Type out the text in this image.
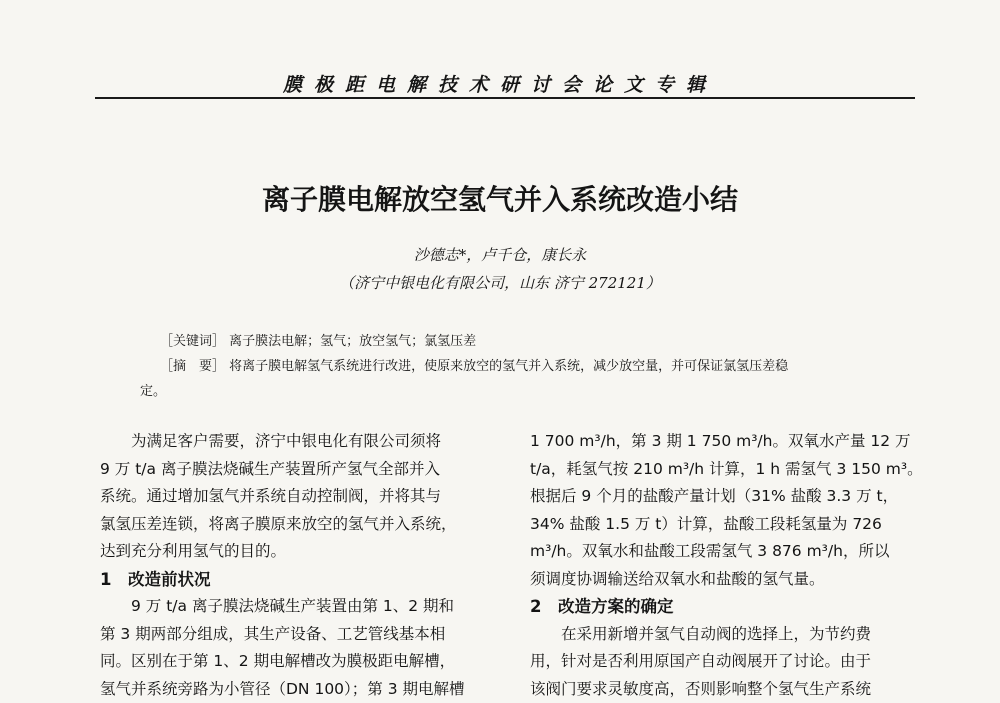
膜极距电解技术研讨会论文专辑
离子膜电解放空氢气并入系统改造小结
沙德志*，卢千仓，康长永
（济宁中银电化有限公司，山东 济宁 272121）
［关键词］ 离子膜法电解；氢气；放空氢气；氯氢压差
［摘　要］ 将离子膜电解氢气系统进行改进，使原来放空的氢气并入系统，减少放空量，并可保证氯氢压差稳
定。
为满足客户需要，济宁中银电化有限公司须将
9 万 t/a 离子膜法烧碱生产装置所产氢气全部并入
系统。通过增加氢气并系统自动控制阀，并将其与
氯氢压差连锁，将离子膜原来放空的氢气并入系统，
达到充分利用氢气的目的。
1　改造前状况
9 万 t/a 离子膜法烧碱生产装置由第 1、2 期和
第 3 期两部分组成，其生产设备、工艺管线基本相
同。区别在于第 1、2 期电解槽改为膜极距电解槽，
氢气并系统旁路为小管径（DN 100）；第 3 期电解槽
1 700 m³/h，第 3 期 1 750 m³/h。双氧水产量 12 万
t/a，耗氢气按 210 m³/h 计算，1 h 需氢气 3 150 m³。
根据后 9 个月的盐酸产量计划（31% 盐酸 3.3 万 t，
34% 盐酸 1.5 万 t）计算，盐酸工段耗氢量为 726
m³/h。双氧水和盐酸工段需氢气 3 876 m³/h，所以
须调度协调输送给双氧水和盐酸的氢气量。
2　改造方案的确定
在采用新增并氢气自动阀的选择上，为节约费
用，针对是否利用原国产自动阀展开了讨论。由于
该阀门要求灵敏度高，否则影响整个氢气生产系统
